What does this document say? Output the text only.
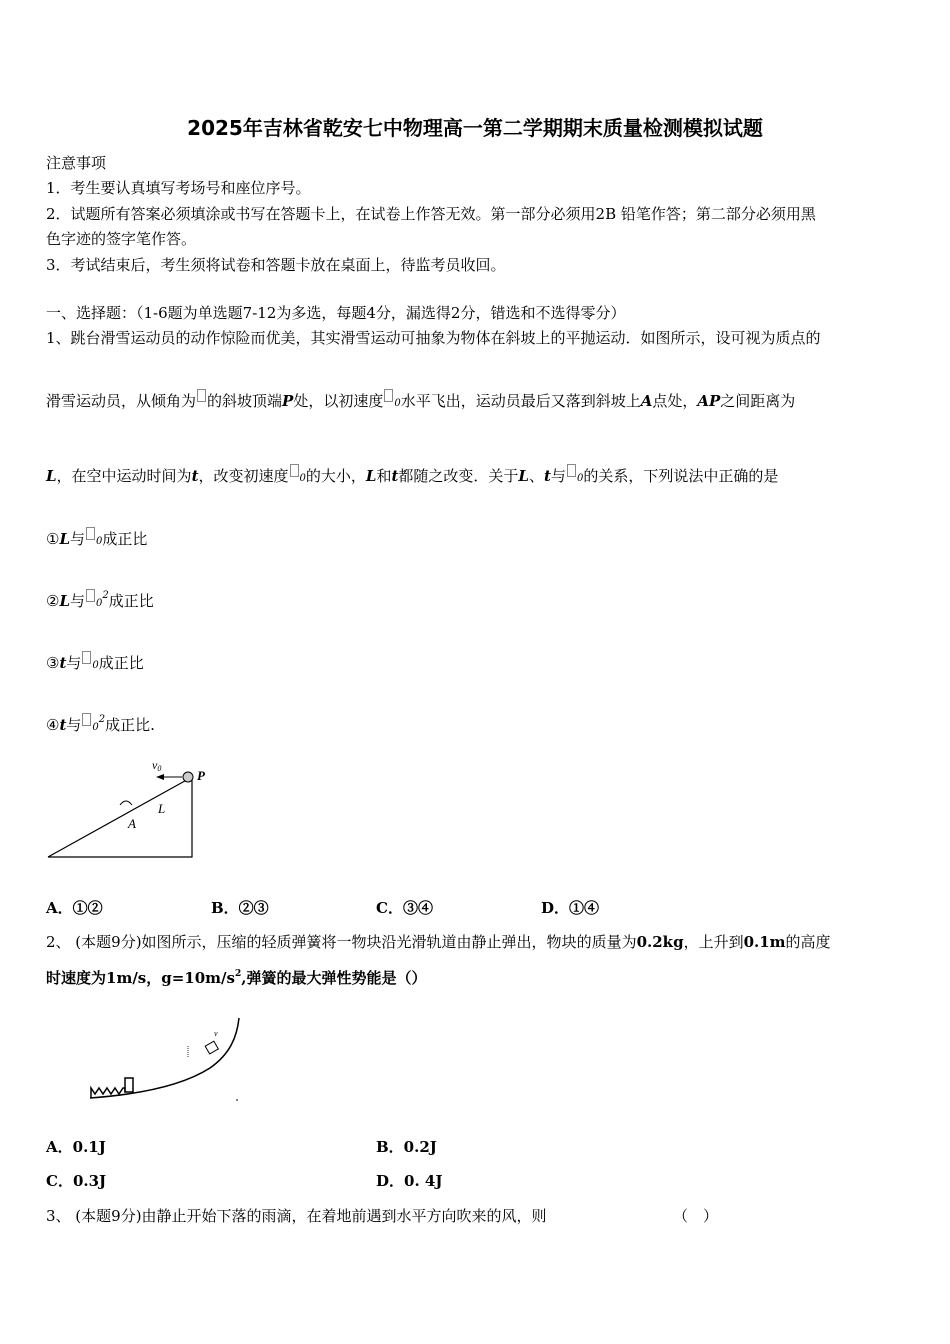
2025年吉林省乾安七中物理高一第二学期期末质量检测模拟试题
注意事项
1．考生要认真填写考场号和座位序号。
2．试题所有答案必须填涂或书写在答题卡上，在试卷上作答无效。第一部分必须用2B 铅笔作答；第二部分必须用黑
色字迹的签字笔作答。
3．考试结束后，考生须将试卷和答题卡放在桌面上，待监考员收回。
一、选择题：（1-6题为单选题7-12为多选，每题4分，漏选得2分，错选和不选得零分）
1、跳台滑雪运动员的动作惊险而优美，其实滑雪运动可抽象为物体在斜坡上的平抛运动．如图所示，设可视为质点的
滑雪运动员，从倾角为 的斜坡顶端P处，以初速度 0水平飞出，运动员最后又落到斜坡上A点处，AP之间距离为
L，在空中运动时间为t，改变初速度 0的大小，L和t都随之改变．关于L、t与 0的关系，下列说法中正确的是
①L与 0成正比
②L与 $0^2$成正比
③t与 0成正比
④t与 $0^2$成正比.
v0	P
L
A
A．①②	B．②③	C．③④	D．①④
2、 (本题9分)如图所示，压缩的轻质弹簧将一物块沿光滑轨道由静止弹出，物块的质量为0.2kg，上升到0.1m的高度
时速度为1m/s，$g=10m/s^2$,弹簧的最大弹性势能是（）
v
A．0.1J	B．0.2J
C．0.3J	D．0. 4J
3、 (本题9分)由静止开始下落的雨滴，在着地前遇到水平方向吹来的风，则	（　）
